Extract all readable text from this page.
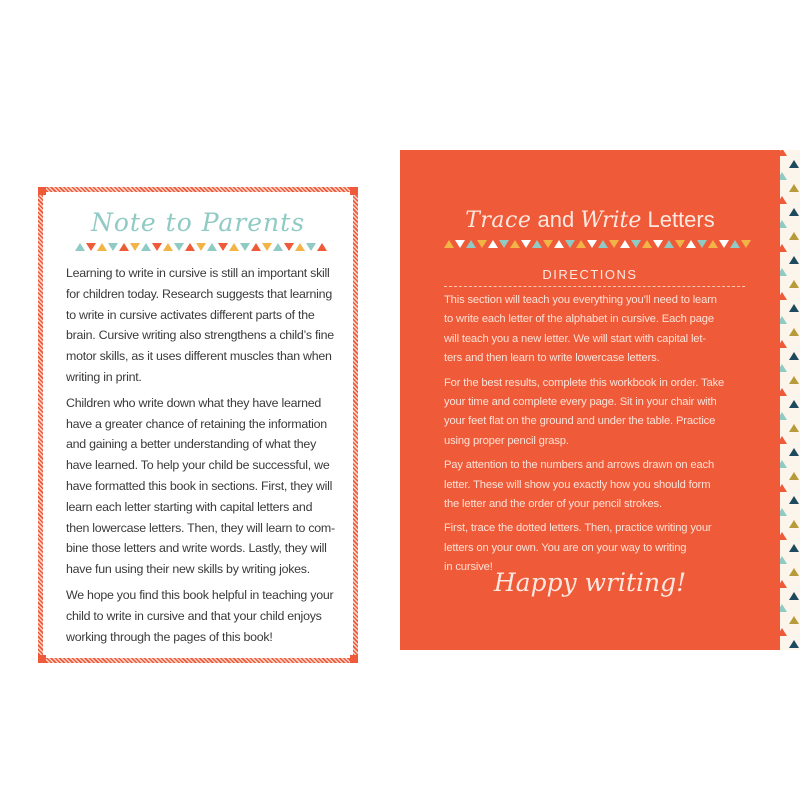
Note to Parents
Learning to write in cursive is still an important skill
for children today. Research suggests that learning
to write in cursive activates different parts of the
brain. Cursive writing also strengthens a child’s fine
motor skills, as it uses different muscles than when
writing in print.
Children who write down what they have learned
have a greater chance of retaining the information
and gaining a better understanding of what they
have learned. To help your child be successful, we
have formatted this book in sections. First, they will
learn each letter starting with capital letters and
then lowercase letters. Then, they will learn to com-
bine those letters and write words. Lastly, they will
have fun using their new skills by writing jokes.
We hope you find this book helpful in teaching your
child to write in cursive and that your child enjoys
working through the pages of this book!
Trace and Write Letters
DIRECTIONS
This section will teach you everything you’ll need to learn
to write each letter of the alphabet in cursive. Each page
will teach you a new letter. We will start with capital let-
ters and then learn to write lowercase letters.
For the best results, complete this workbook in order. Take
your time and complete every page. Sit in your chair with
your feet flat on the ground and under the table. Practice
using proper pencil grasp.
Pay attention to the numbers and arrows drawn on each
letter. These will show you exactly how you should form
the letter and the order of your pencil strokes.
First, trace the dotted letters. Then, practice writing your
letters on your own. You are on your way to writing
in cursive!
Happy writing!
